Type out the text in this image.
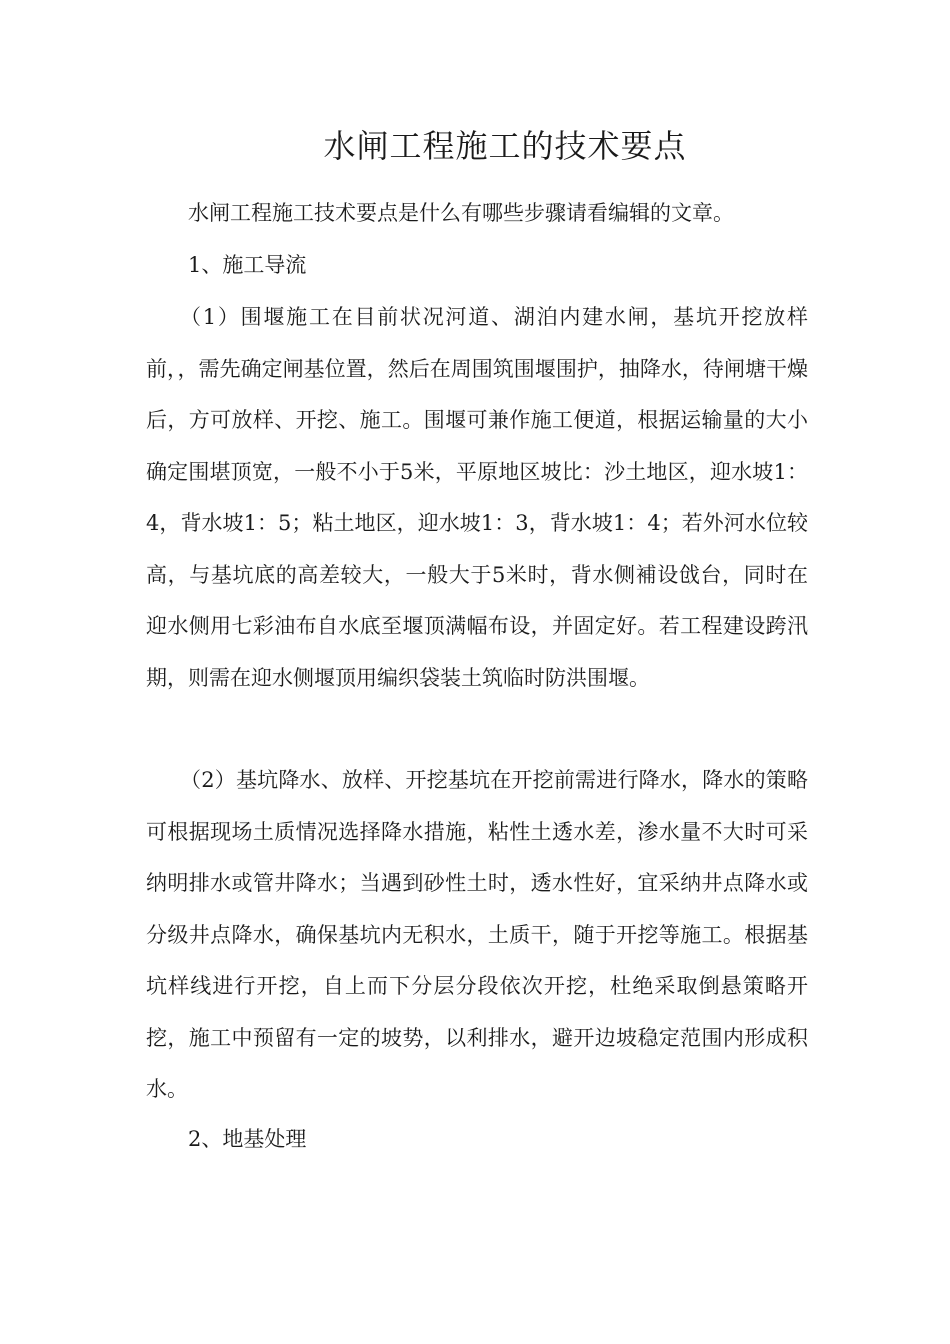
水闸工程施工的技术要点

水闸工程施工技术要点是什么有哪些步骤请看编辑的文章。

1、施工导流

（1）围堰施工在目前状况河道、湖泊内建水闸，基坑开挖放样前，，需先确定闸基位置，然后在周围筑围堰围护，抽降水，待闸塘干燥后，方可放样、开挖、施工。围堰可兼作施工便道，根据运输量的大小确定围堪顶宽，一般不小于5米，平原地区坡比：沙土地区，迎水坡1：4，背水坡1：5；粘土地区，迎水坡1：3，背水坡1：4；若外河水位较高，与基坑底的高差较大，一般大于5米时，背水侧補设戗台，同时在迎水侧用七彩油布自水底至堰顶满幅布设，并固定好。若工程建设跨汛期，则需在迎水侧堰顶用编织袋装土筑临时防洪围堰。

（2）基坑降水、放样、开挖基坑在开挖前需进行降水，降水的策略可根据现场土质情况选择降水措施，粘性土透水差，渗水量不大时可采纳明排水或管井降水；当遇到砂性土时，透水性好，宜采纳井点降水或分级井点降水，确保基坑内无积水，土质干，随于开挖等施工。根据基坑样线进行开挖，自上而下分层分段依次开挖，杜绝采取倒悬策略开挖，施工中预留有一定的坡势，以利排水，避开边坡稳定范围内形成积水。

2、地基处理
